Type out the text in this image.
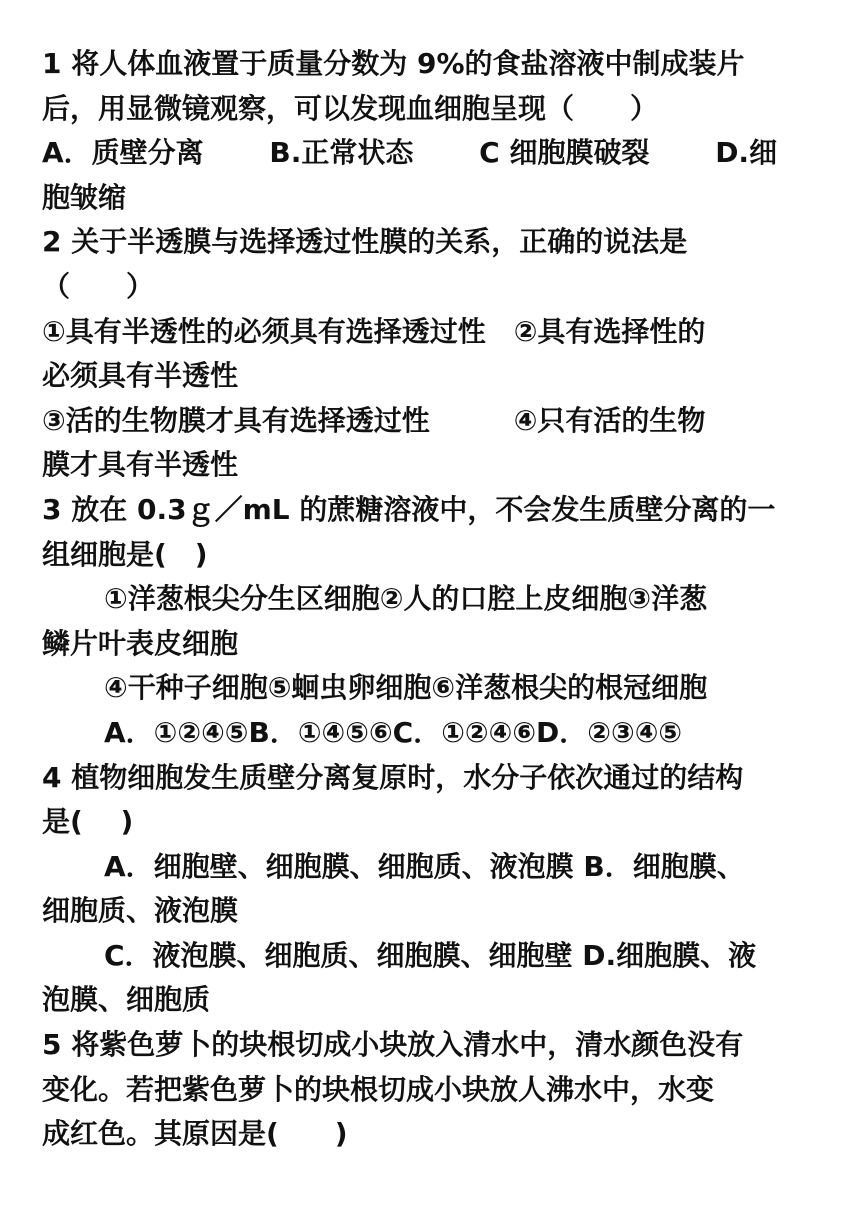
1 将人体血液置于质量分数为 9%的食盐溶液中制成装片
后，用显微镜观察，可以发现血细胞呈现（　　）
A．质壁分离　　 B.正常状态　　 C 细胞膜破裂　　 D.细
胞皱缩
2 关于半透膜与选择透过性膜的关系，正确的说法是
（　　）
①具有半透性的必须具有选择透过性　②具有选择性的
必须具有半透性
③活的生物膜才具有选择透过性　　　④只有活的生物
膜才具有半透性
3 放在 0.3ｇ／mL 的蔗糖溶液中，不会发生质壁分离的一
组细胞是(　)
①洋葱根尖分生区细胞②人的口腔上皮细胞③洋葱
鳞片叶表皮细胞
④干种子细胞⑤蛔虫卵细胞⑥洋葱根尖的根冠细胞
A．①②④⑤B．①④⑤⑥C．①②④⑥D．②③④⑤
4 植物细胞发生质壁分离复原时，水分子依次通过的结构
是(　 )
A．细胞壁、细胞膜、细胞质、液泡膜 B．细胞膜、
细胞质、液泡膜
C．液泡膜、细胞质、细胞膜、细胞壁 D.细胞膜、液
泡膜、细胞质
5 将紫色萝卜的块根切成小块放入清水中，清水颜色没有
变化。若把紫色萝卜的块根切成小块放人沸水中，水变
成红色。其原因是(　　)
